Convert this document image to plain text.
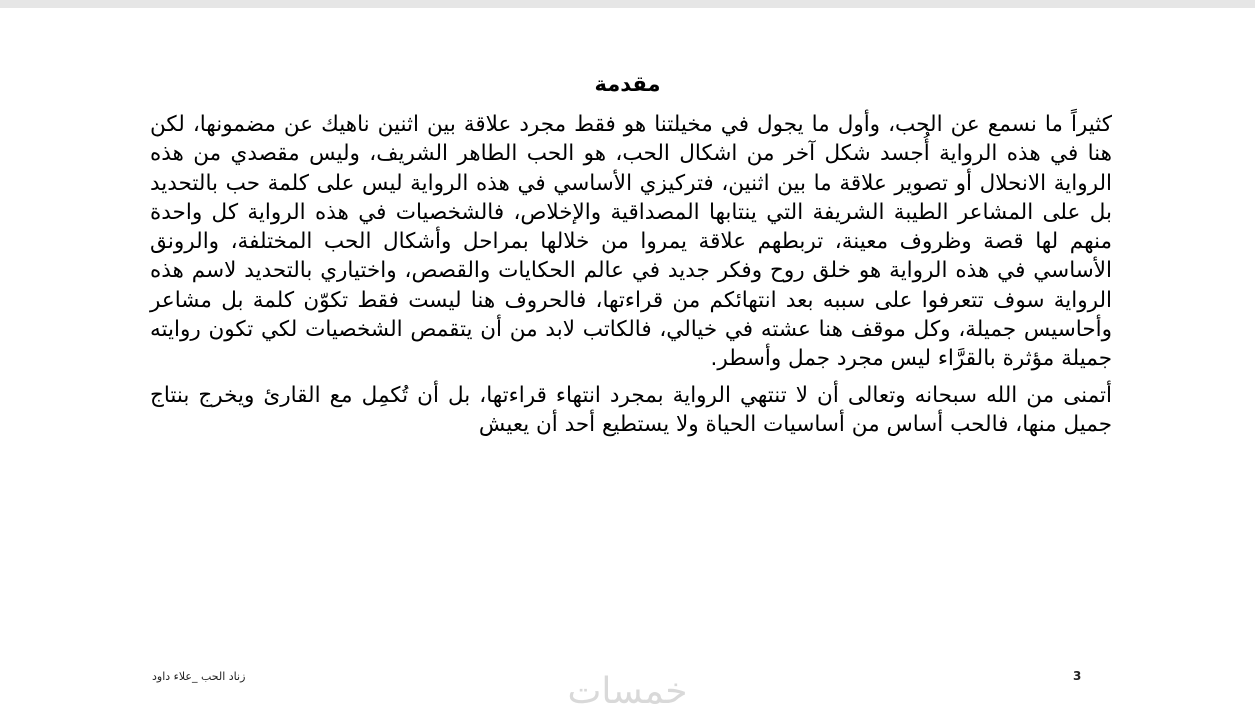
مقدمة

كثيراً ما نسمع عن الحب، وأول ما يجول في مخيلتنا هو فقط مجرد علاقة بين اثنين ناهيك عن مضمونها، لكن هنا في هذه الرواية أُجسد شكل آخر من اشكال الحب، هو الحب الطاهر الشريف، وليس مقصدي من هذه الرواية الانحلال أو تصوير علاقة ما بين اثنين، فتركيزي الأساسي في هذه الرواية ليس على كلمة حب بالتحديد بل على المشاعر الطيبة الشريفة التي ينتابها المصداقية والإخلاص، فالشخصيات في هذه الرواية كل واحدة منهم لها قصة وظروف معينة، تربطهم علاقة يمروا من خلالها بمراحل وأشكال الحب المختلفة، والرونق الأساسي في هذه الرواية هو خلق روح وفكر جديد في عالم الحكايات والقصص، واختياري بالتحديد لاسم هذه الرواية سوف تتعرفوا على سببه بعد انتهائكم من قراءتها، فالحروف هنا ليست فقط تكوّن كلمة بل مشاعر وأحاسيس جميلة، وكل موقف هنا عشته في خيالي، فالكاتب لابد من أن يتقمص الشخصيات لكي تكون روايته جميلة مؤثرة بالقرَّاء ليس مجرد جمل وأسطر.

أتمنى من الله سبحانه وتعالى أن لا تنتهي الرواية بمجرد انتهاء قراءتها، بل أن تُكمِل مع القارئ ويخرج بنتاج جميل منها، فالحب أساس من أساسيات الحياة ولا يستطيع أحد أن يعيش

زناد الحب _علاء داود	خمسات	3
